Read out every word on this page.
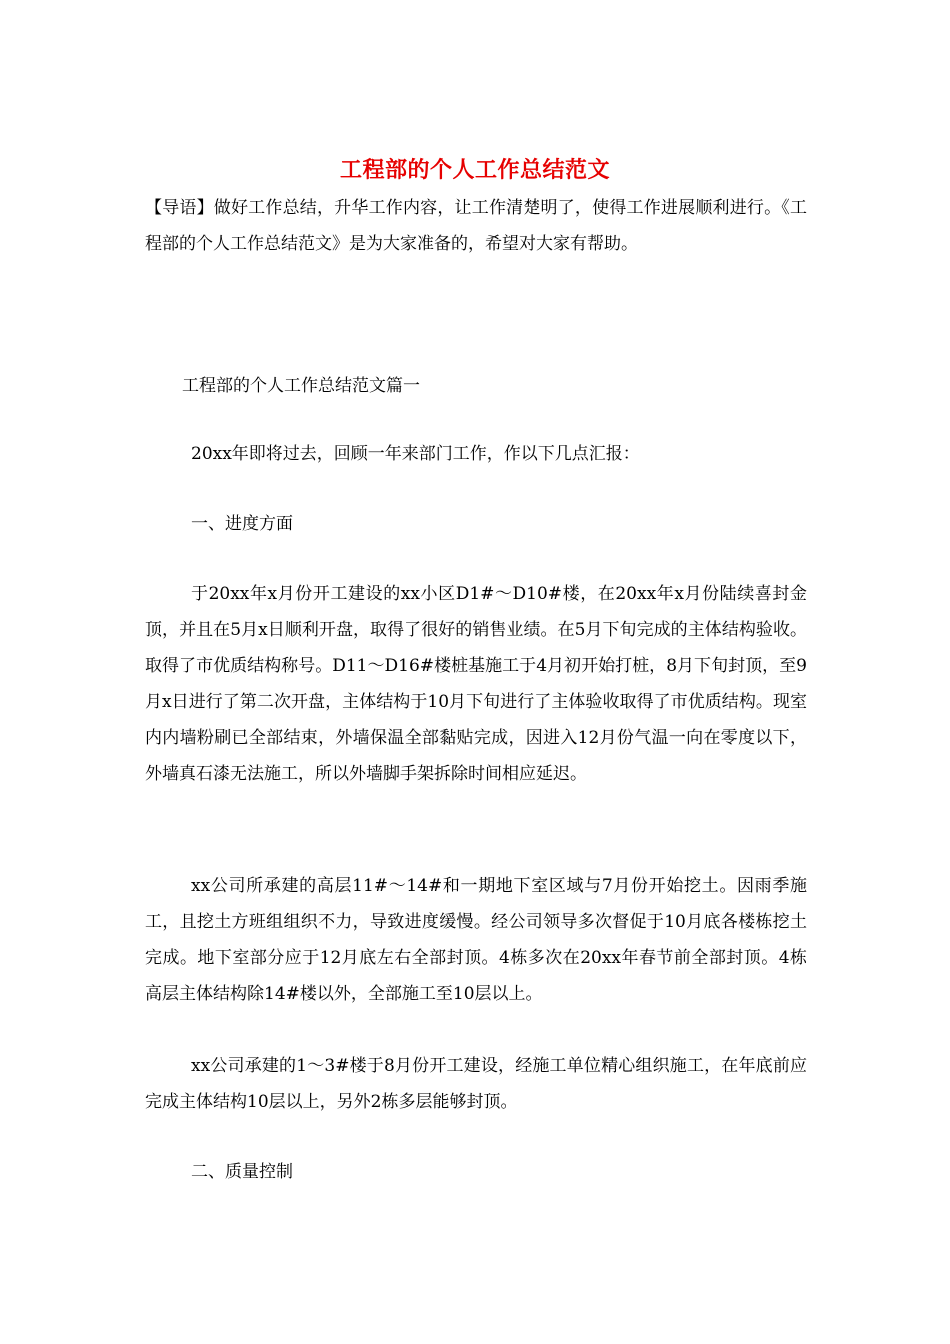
工程部的个人工作总结范文

【导语】做好工作总结，升华工作内容，让工作清楚明了，使得工作进展顺利进行。《工程部的个人工作总结范文》是为大家准备的，希望对大家有帮助。

工程部的个人工作总结范文篇一

20xx年即将过去，回顾一年来部门工作，作以下几点汇报：

一、进度方面

于20xx年x月份开工建设的xx小区D1#～D10#楼，在20xx年x月份陆续喜封金顶，并且在5月x日顺利开盘，取得了很好的销售业绩。在5月下旬完成的主体结构验收。取得了市优质结构称号。D11～D16#楼桩基施工于4月初开始打桩，8月下旬封顶，至9月x日进行了第二次开盘，主体结构于10月下旬进行了主体验收取得了市优质结构。现室内内墙粉刷已全部结束，外墙保温全部黏贴完成，因进入12月份气温一向在零度以下，外墙真石漆无法施工，所以外墙脚手架拆除时间相应延迟。

xx公司所承建的高层11#～14#和一期地下室区域与7月份开始挖土。因雨季施工，且挖土方班组组织不力，导致进度缓慢。经公司领导多次督促于10月底各楼栋挖土完成。地下室部分应于12月底左右全部封顶。4栋多次在20xx年春节前全部封顶。4栋高层主体结构除14#楼以外，全部施工至10层以上。

xx公司承建的1～3#楼于8月份开工建设，经施工单位精心组织施工，在年底前应完成主体结构10层以上，另外2栋多层能够封顶。

二、质量控制
